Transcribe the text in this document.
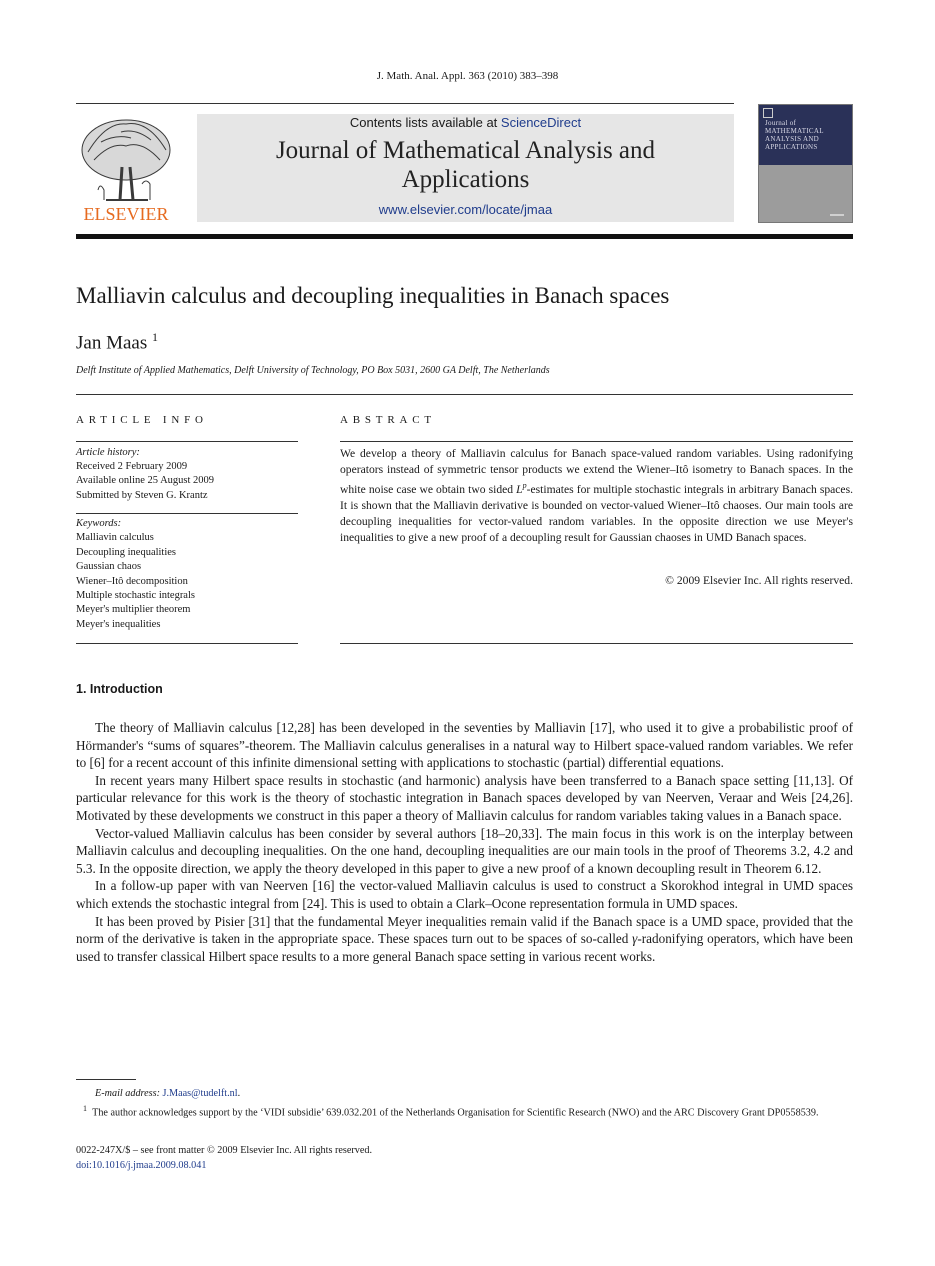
J. Math. Anal. Appl. 363 (2010) 383–398
ELSEVIER
Contents lists available at ScienceDirect
Journal of Mathematical Analysis and
Applications
www.elsevier.com/locate/jmaa
Journal of MATHEMATICAL ANALYSIS AND APPLICATIONS
Malliavin calculus and decoupling inequalities in Banach spaces
Jan Maas $^1$
Delft Institute of Applied Mathematics, Delft University of Technology, PO Box 5031, 2600 GA Delft, The Netherlands
ARTICLE INFO	ABSTRACT
Article history:
Received 2 February 2009
Available online 25 August 2009
Submitted by Steven G. Krantz
Keywords:
Malliavin calculus
Decoupling inequalities
Gaussian chaos
Wiener–Itô decomposition
Multiple stochastic integrals
Meyer's multiplier theorem
Meyer's inequalities
We develop a theory of Malliavin calculus for Banach space-valued random variables. Using radonifying operators instead of symmetric tensor products we extend the Wiener–Itô isometry to Banach spaces. In the white noise case we obtain two sided $L^p$-estimates for multiple stochastic integrals in arbitrary Banach spaces. It is shown that the Malliavin derivative is bounded on vector-valued Wiener–Itô chaoses. Our main tools are decoupling inequalities for vector-valued random variables. In the opposite direction we use Meyer's inequalities to give a new proof of a decoupling result for Gaussian chaoses in UMD Banach spaces.
© 2009 Elsevier Inc. All rights reserved.
1. Introduction

The theory of Malliavin calculus [12,28] has been developed in the seventies by Malliavin [17], who used it to give a probabilistic proof of Hörmander's “sums of squares”-theorem. The Malliavin calculus generalises in a natural way to Hilbert space-valued random variables. We refer to [6] for a recent account of this infinite dimensional setting with applications to stochastic (partial) differential equations.

In recent years many Hilbert space results in stochastic (and harmonic) analysis have been transferred to a Banach space setting [11,13]. Of particular relevance for this work is the theory of stochastic integration in Banach spaces developed by van Neerven, Veraar and Weis [24,26]. Motivated by these developments we construct in this paper a theory of Malliavin calculus for random variables taking values in a Banach space.

Vector-valued Malliavin calculus has been consider by several authors [18–20,33]. The main focus in this work is on the interplay between Malliavin calculus and decoupling inequalities. On the one hand, decoupling inequalities are our main tools in the proof of Theorems 3.2, 4.2 and 5.3. In the opposite direction, we apply the theory developed in this paper to give a new proof of a known decoupling result in Theorem 6.12.

In a follow-up paper with van Neerven [16] the vector-valued Malliavin calculus is used to construct a Skorokhod integral in UMD spaces which extends the stochastic integral from [24]. This is used to obtain a Clark–Ocone representation formula in UMD spaces.

It has been proved by Pisier [31] that the fundamental Meyer inequalities remain valid if the Banach space is a UMD space, provided that the norm of the derivative is taken in the appropriate space. These spaces turn out to be spaces of so-called γ-radonifying operators, which have been used to transfer classical Hilbert space results to a more general Banach space setting in various recent works.

E-mail address: J.Maas@tudelft.nl.

$^1$ The author acknowledges support by the ‘VIDI subsidie’ 639.032.201 of the Netherlands Organisation for Scientific Research (NWO) and the ARC Discovery Grant DP0558539.

0022-247X/$ – see front matter © 2009 Elsevier Inc. All rights reserved.
doi:10.1016/j.jmaa.2009.08.041
